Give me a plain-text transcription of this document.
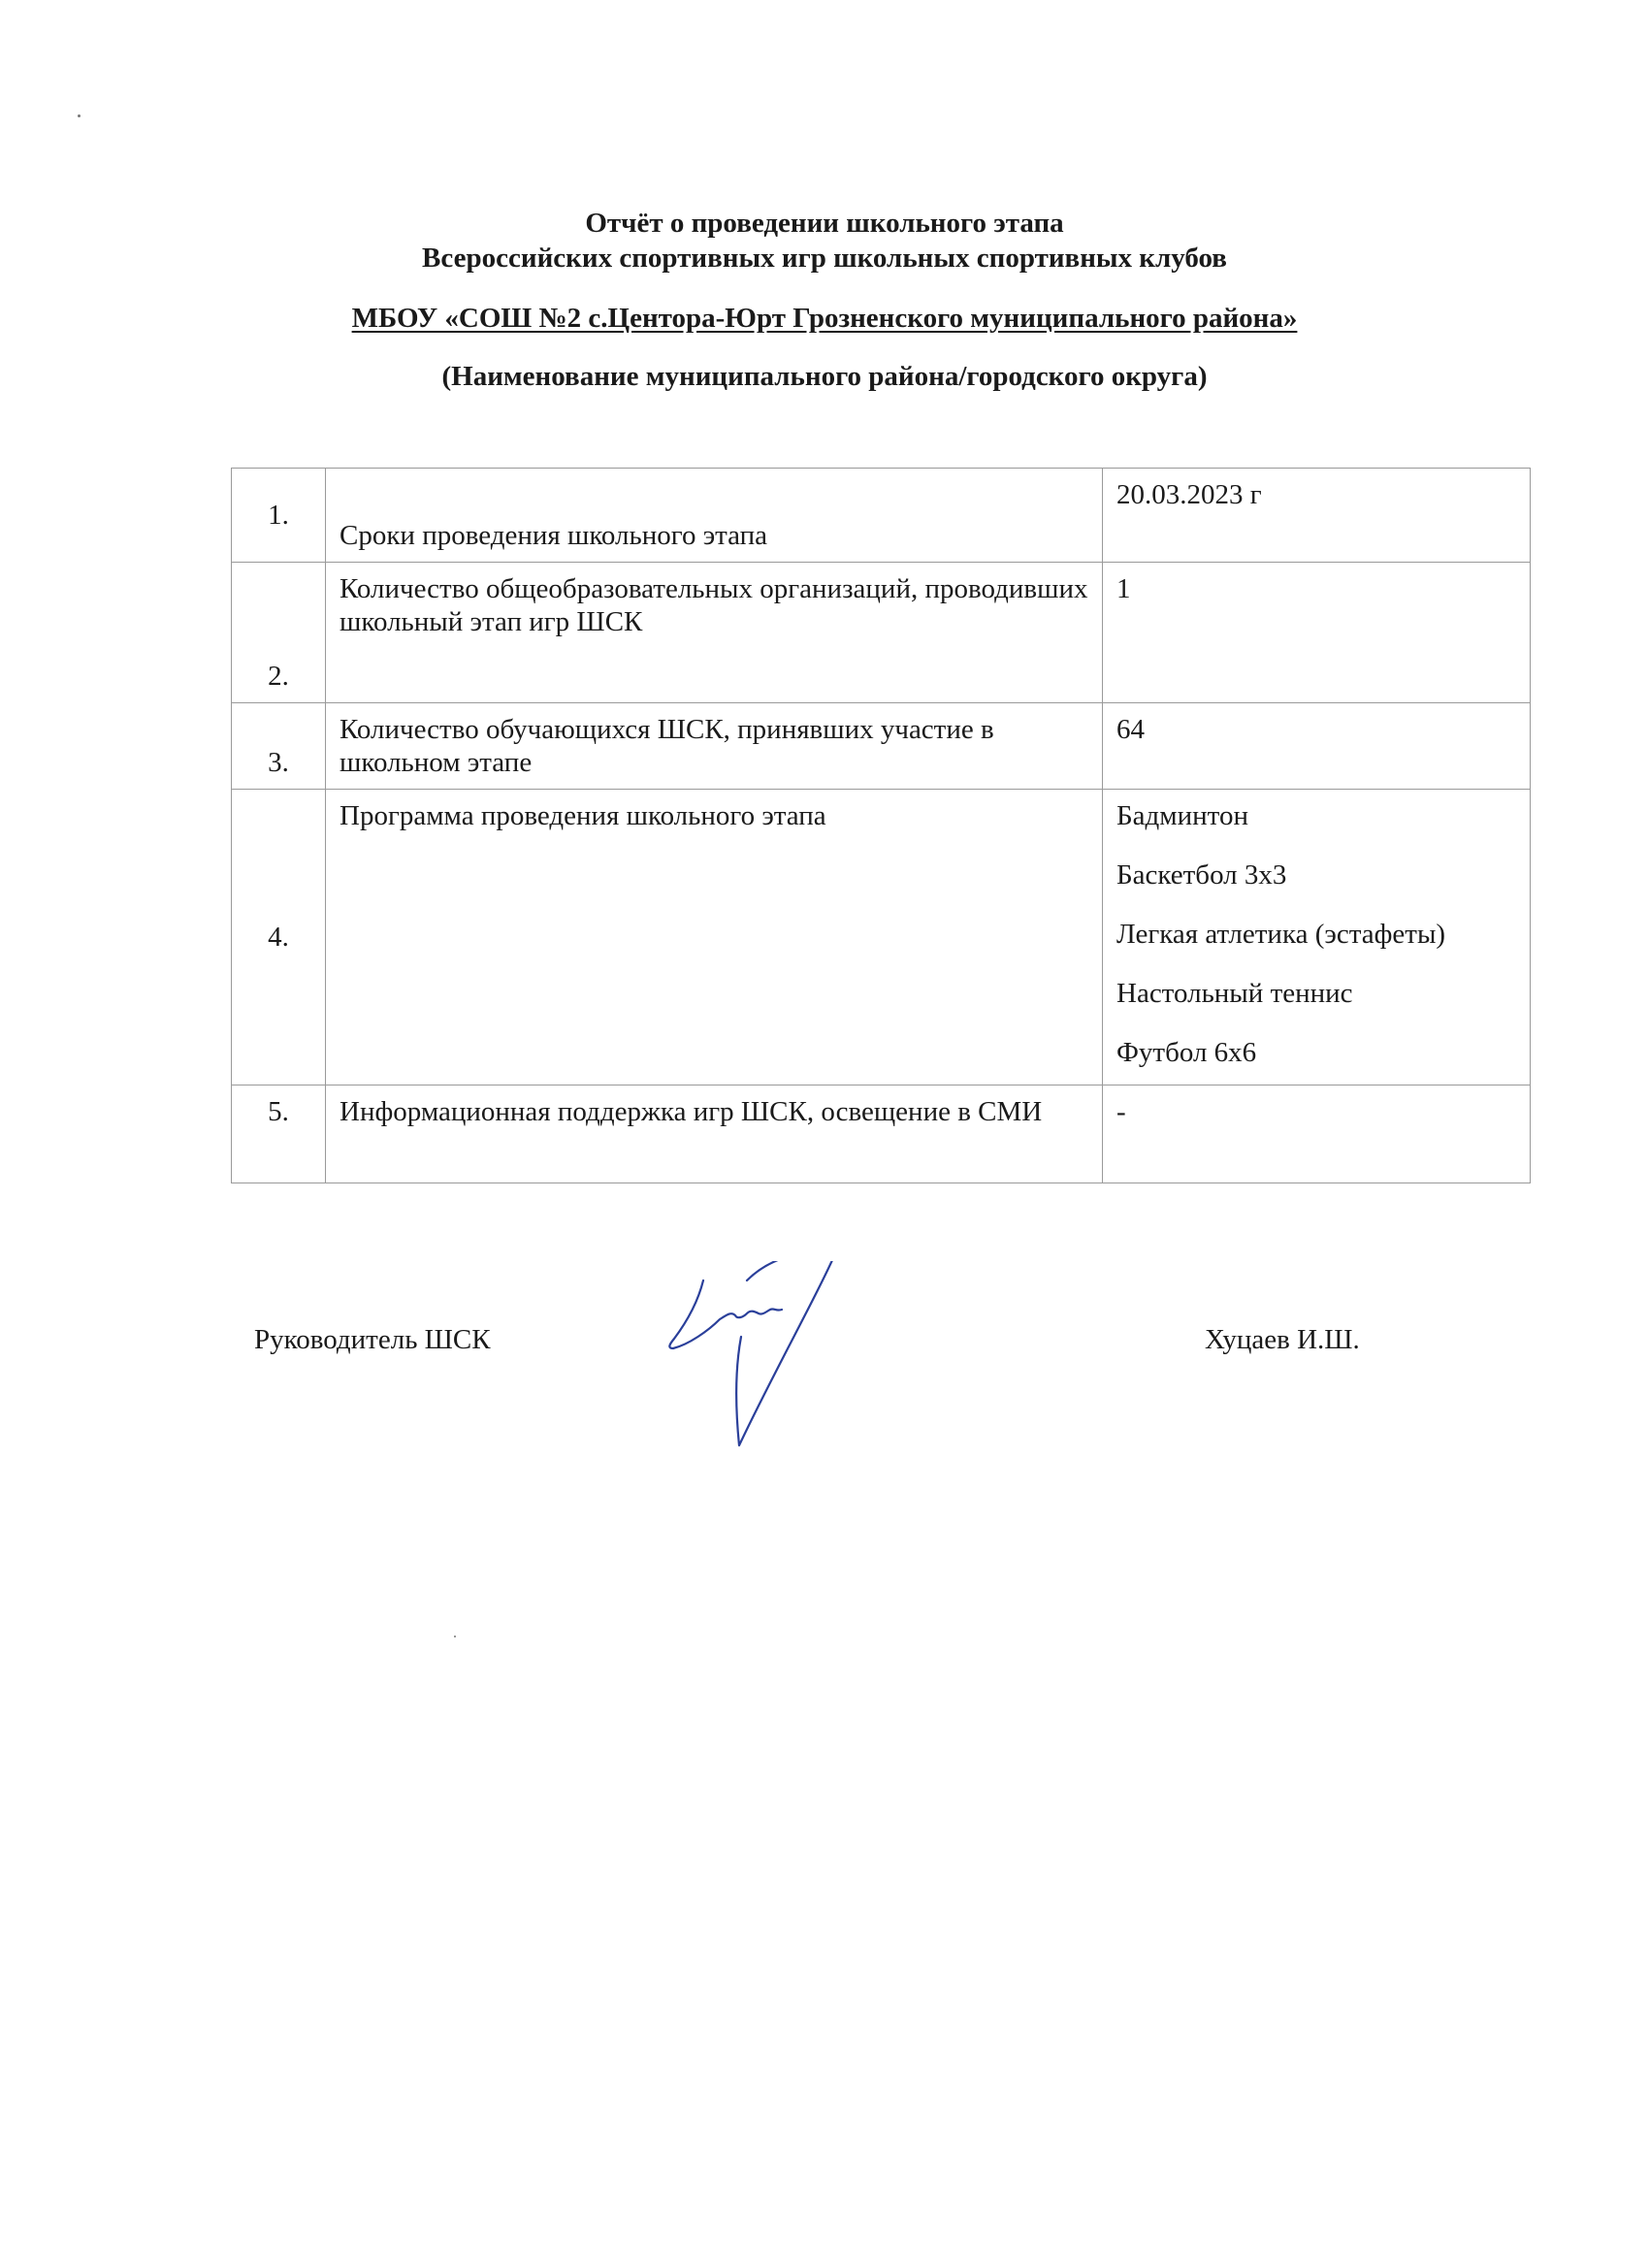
Отчёт о проведении школьного этапа
Всероссийских спортивных игр школьных спортивных клубов
МБОУ «СОШ №2 с.Центора-Юрт Грозненского муниципального района»
(Наименование муниципального района/городского округа)
1.	Сроки проведения школьного этапа	20.03.2023 г
2.	Количество общеобразовательных организаций, проводивших школьный этап игр ШСК	1
3.	Количество обучающихся ШСК, принявших участие в школьном этапе	64
4.	Программа проведения школьного этапа	Бадминтон
Баскетбол 3х3
Легкая атлетика (эстафеты)
Настольный теннис
Футбол 6х6

5.	Информационная поддержка игр ШСК, освещение в СМИ	-
Руководитель ШСК	Хуцаев И.Ш.
